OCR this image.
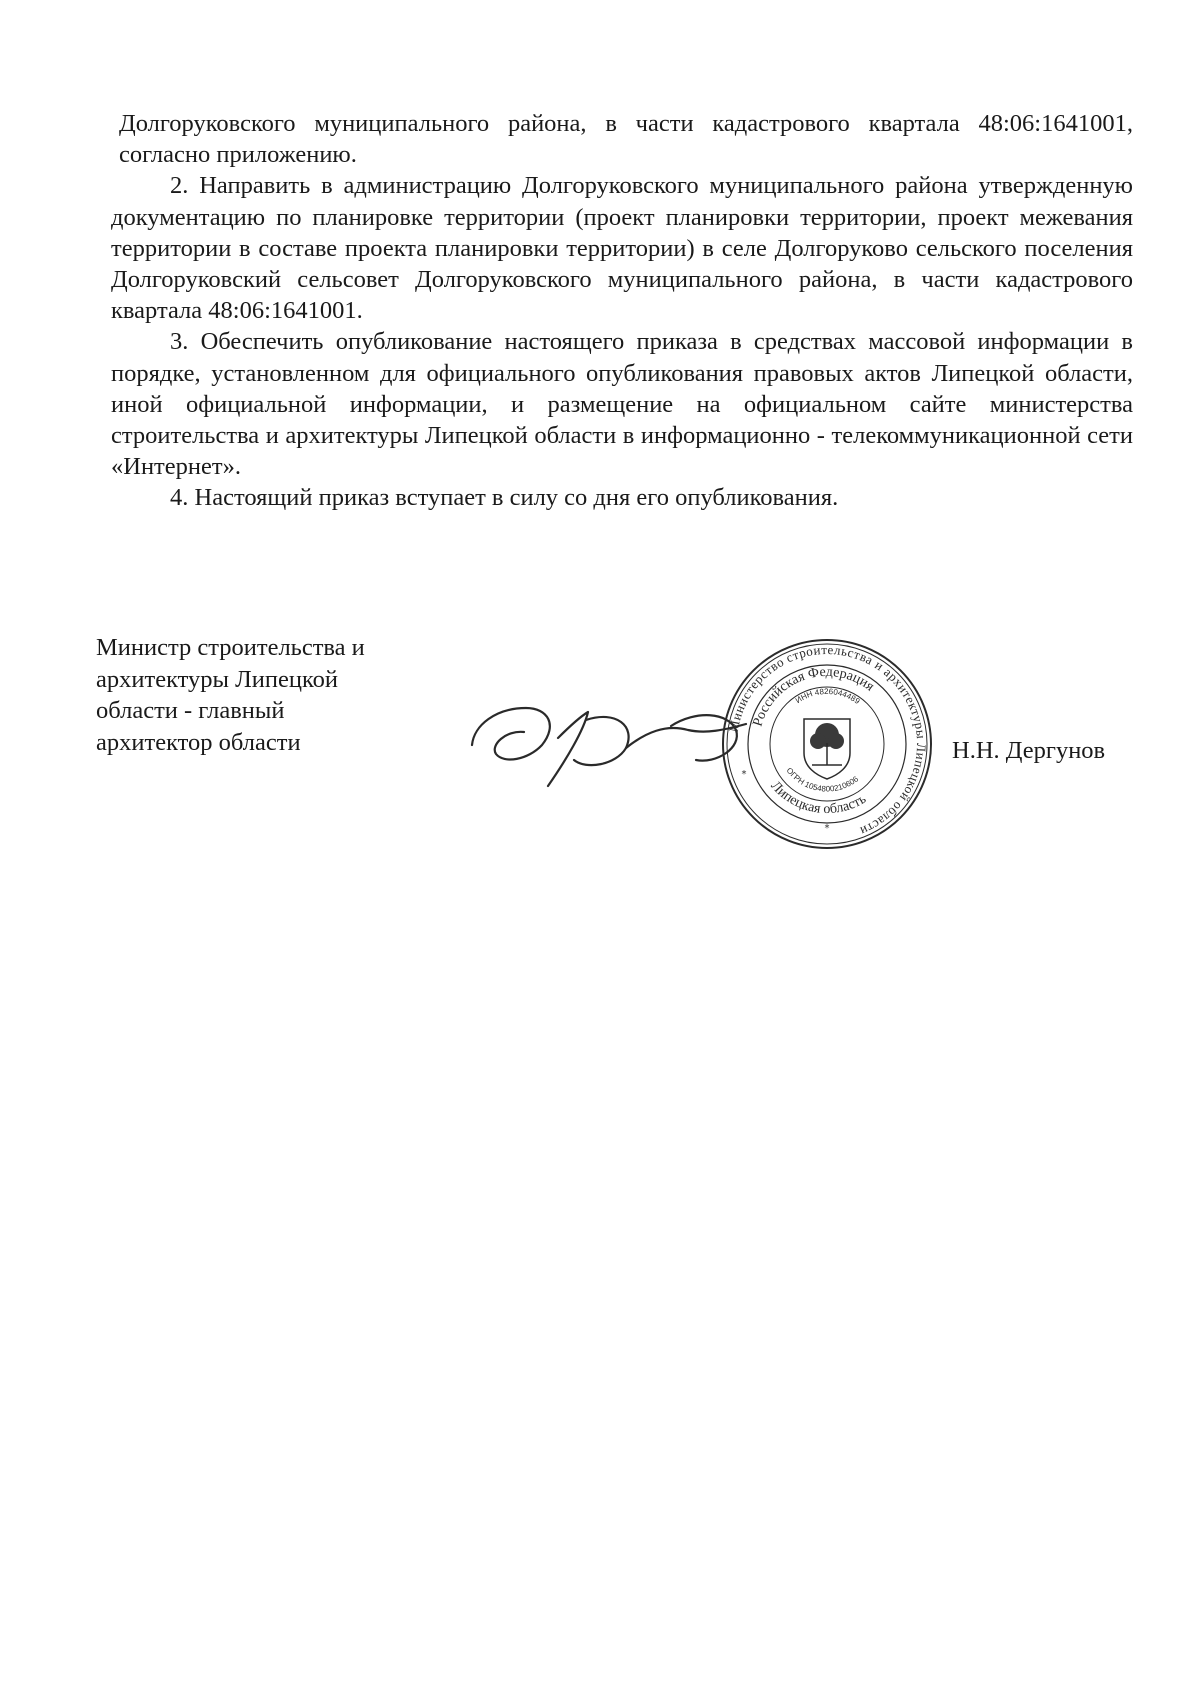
Долгоруковского муниципального района, в части кадастрового квартала 48:06:1641001, согласно приложению.

2. Направить в администрацию Долгоруковского муниципального района утвержденную документацию по планировке территории (проект планировки территории, проект межевания территории в составе проекта планировки территории) в селе Долгоруково сельского поселения Долгоруковский сельсовет Долгоруковского муниципального района, в части кадастрового квартала 48:06:1641001.

3. Обеспечить опубликование настоящего приказа в средствах массовой информации в порядке, установленном для официального опубликования правовых актов Липецкой области, иной официальной информации, и размещение на официальном сайте министерства строительства и архитектуры Липецкой области в информационно - телекоммуникационной сети «Интернет».

4. Настоящий приказ вступает в силу со дня его опубликования.

Министр строительства и
архитектуры Липецкой
области - главный
архитектор области
Министерство строительства и архитектуры Липецкой области
Российская Федерация
ИНН 4826044489
ОГРН 1054800210606
Липецкая область
*
*
Н.Н. Дергунов
